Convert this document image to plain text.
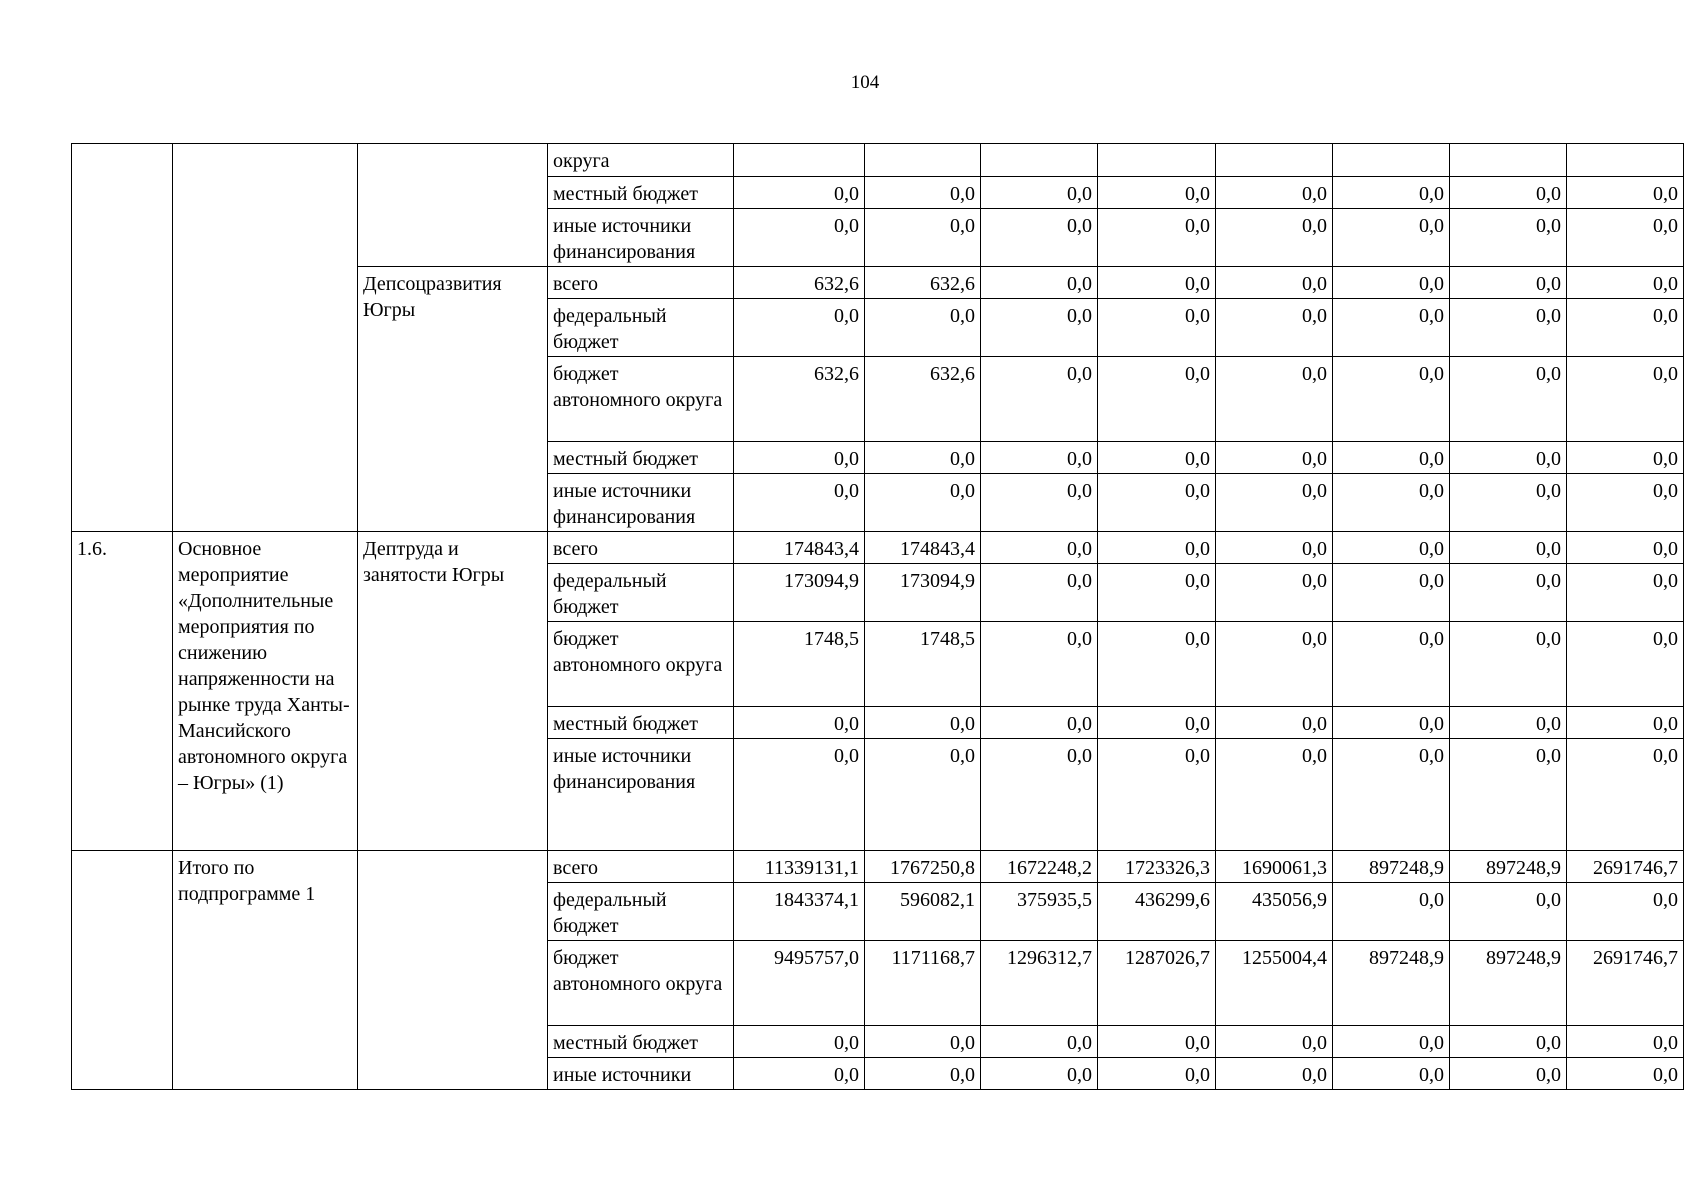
104
			округа								
			местный бюджет	0,0	0,0	0,0	0,0	0,0	0,0	0,0	0,0
			иные источники финансирования	0,0	0,0	0,0	0,0	0,0	0,0	0,0	0,0
		Депсоцразвития Югры	всего	632,6	632,6	0,0	0,0	0,0	0,0	0,0	0,0
			федеральный бюджет	0,0	0,0	0,0	0,0	0,0	0,0	0,0	0,0
			бюджет автономного округа	632,6	632,6	0,0	0,0	0,0	0,0	0,0	0,0
			местный бюджет	0,0	0,0	0,0	0,0	0,0	0,0	0,0	0,0
			иные источники финансирования	0,0	0,0	0,0	0,0	0,0	0,0	0,0	0,0
1.6.	Основное мероприятие «Дополнительные мероприятия по снижению напряженности на рынке труда Ханты-Мансийского автономного округа – Югры» (1)	Дептруда и занятости Югры	всего	174843,4	174843,4	0,0	0,0	0,0	0,0	0,0	0,0
			федеральный бюджет	173094,9	173094,9	0,0	0,0	0,0	0,0	0,0	0,0
			бюджет автономного округа	1748,5	1748,5	0,0	0,0	0,0	0,0	0,0	0,0
			местный бюджет	0,0	0,0	0,0	0,0	0,0	0,0	0,0	0,0
			иные источники финансирования	0,0	0,0	0,0	0,0	0,0	0,0	0,0	0,0
	Итого по подпрограмме 1		всего	11339131,1	1767250,8	1672248,2	1723326,3	1690061,3	897248,9	897248,9	2691746,7
			федеральный бюджет	1843374,1	596082,1	375935,5	436299,6	435056,9	0,0	0,0	0,0
			бюджет автономного округа	9495757,0	1171168,7	1296312,7	1287026,7	1255004,4	897248,9	897248,9	2691746,7
			местный бюджет	0,0	0,0	0,0	0,0	0,0	0,0	0,0	0,0
			иные источники	0,0	0,0	0,0	0,0	0,0	0,0	0,0	0,0
